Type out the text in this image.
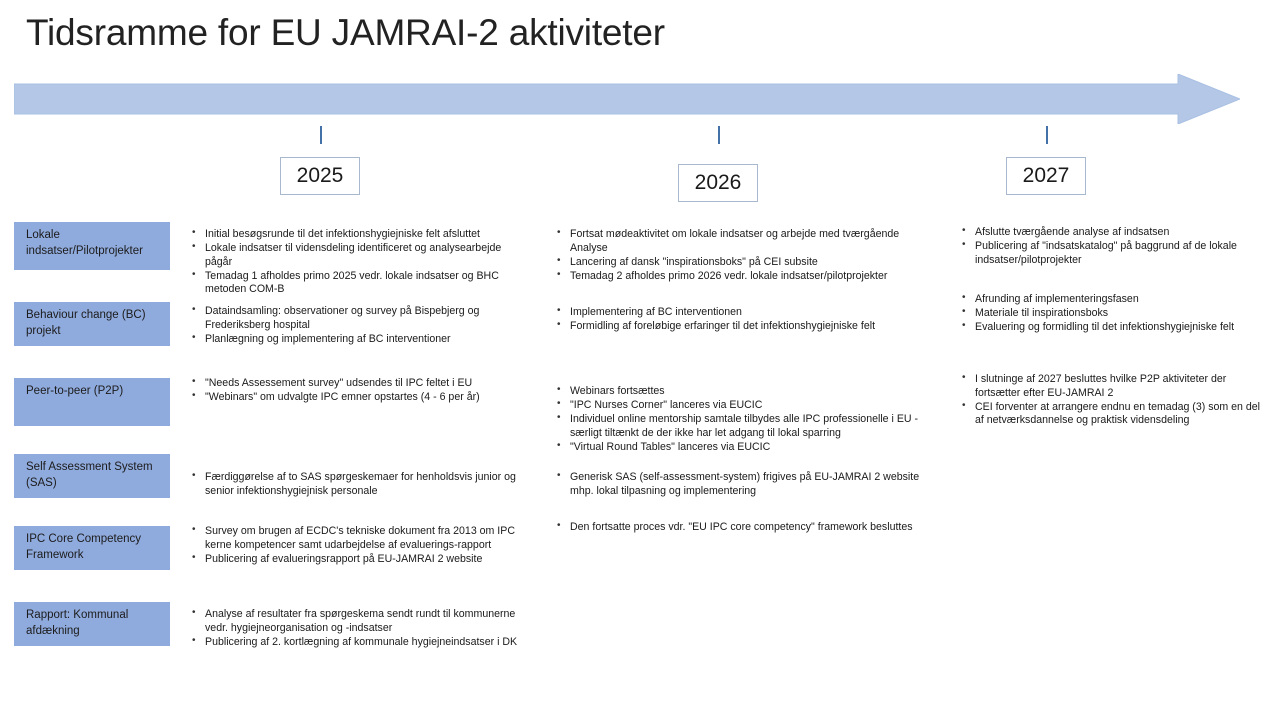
Tidsramme for EU JAMRAI-2 aktiviteter
2025	2026	2027
Lokale indsatser/Pilotprojekter
Behaviour change (BC) projekt
Peer-to-peer (P2P)
Self Assessment System (SAS)
IPC Core Competency Framework
Rapport: Kommunal afdækning
• Initial besøgsrunde til det infektionshygiejniske felt afsluttet
• Lokale indsatser til vidensdeling identificeret og analysearbejde pågår
• Temadag 1 afholdes primo 2025 vedr. lokale indsatser og BHC metoden COM-B
• Dataindsamling: observationer og survey på Bispebjerg og Frederiksberg hospital
• Planlægning og implementering af BC interventioner
• "Needs Assessement survey" udsendes til IPC feltet i EU
• "Webinars" om udvalgte IPC emner opstartes (4 - 6 per år)
• Færdiggørelse af to SAS spørgeskemaer for henholdsvis junior og senior infektionshygiejnisk personale
• Survey om brugen af ECDC's tekniske dokument fra 2013 om IPC kerne kompetencer samt udarbejdelse af evaluerings-rapport
• Publicering af evalueringsrapport på EU-JAMRAI 2 website
• Analyse af resultater fra spørgeskema sendt rundt til kommunerne vedr. hygiejneorganisation og -indsatser
• Publicering af 2. kortlægning af kommunale hygiejneindsatser i DK
• Fortsat mødeaktivitet om lokale indsatser og arbejde med tværgående Analyse
• Lancering af dansk "inspirationsboks" på CEI subsite
• Temadag 2 afholdes primo 2026 vedr. lokale indsatser/pilotprojekter
• Implementering af BC interventionen
• Formidling af foreløbige erfaringer til det infektionshygiejniske felt
• Webinars fortsættes
• "IPC Nurses Corner" lanceres via EUCIC
• Individuel online mentorship samtale tilbydes alle IPC professionelle i EU - særligt tiltænkt de der ikke har let adgang til lokal sparring
• "Virtual Round Tables" lanceres via EUCIC
• Generisk SAS (self-assessment-system) frigives på EU-JAMRAI 2 website mhp. lokal tilpasning og implementering
• Den fortsatte proces vdr. "EU IPC core competency" framework besluttes
• Afslutte tværgående analyse af indsatsen
• Publicering af "indsatskatalog" på baggrund af de lokale indsatser/pilotprojekter
• Afrunding af implementeringsfasen
• Materiale til inspirationsboks
• Evaluering og formidling til det infektionshygiejniske felt
• I slutninge af 2027 besluttes hvilke P2P aktiviteter der fortsætter efter EU-JAMRAI 2
• CEI forventer at arrangere endnu en temadag (3) som en del af netværksdannelse og praktisk vidensdeling
